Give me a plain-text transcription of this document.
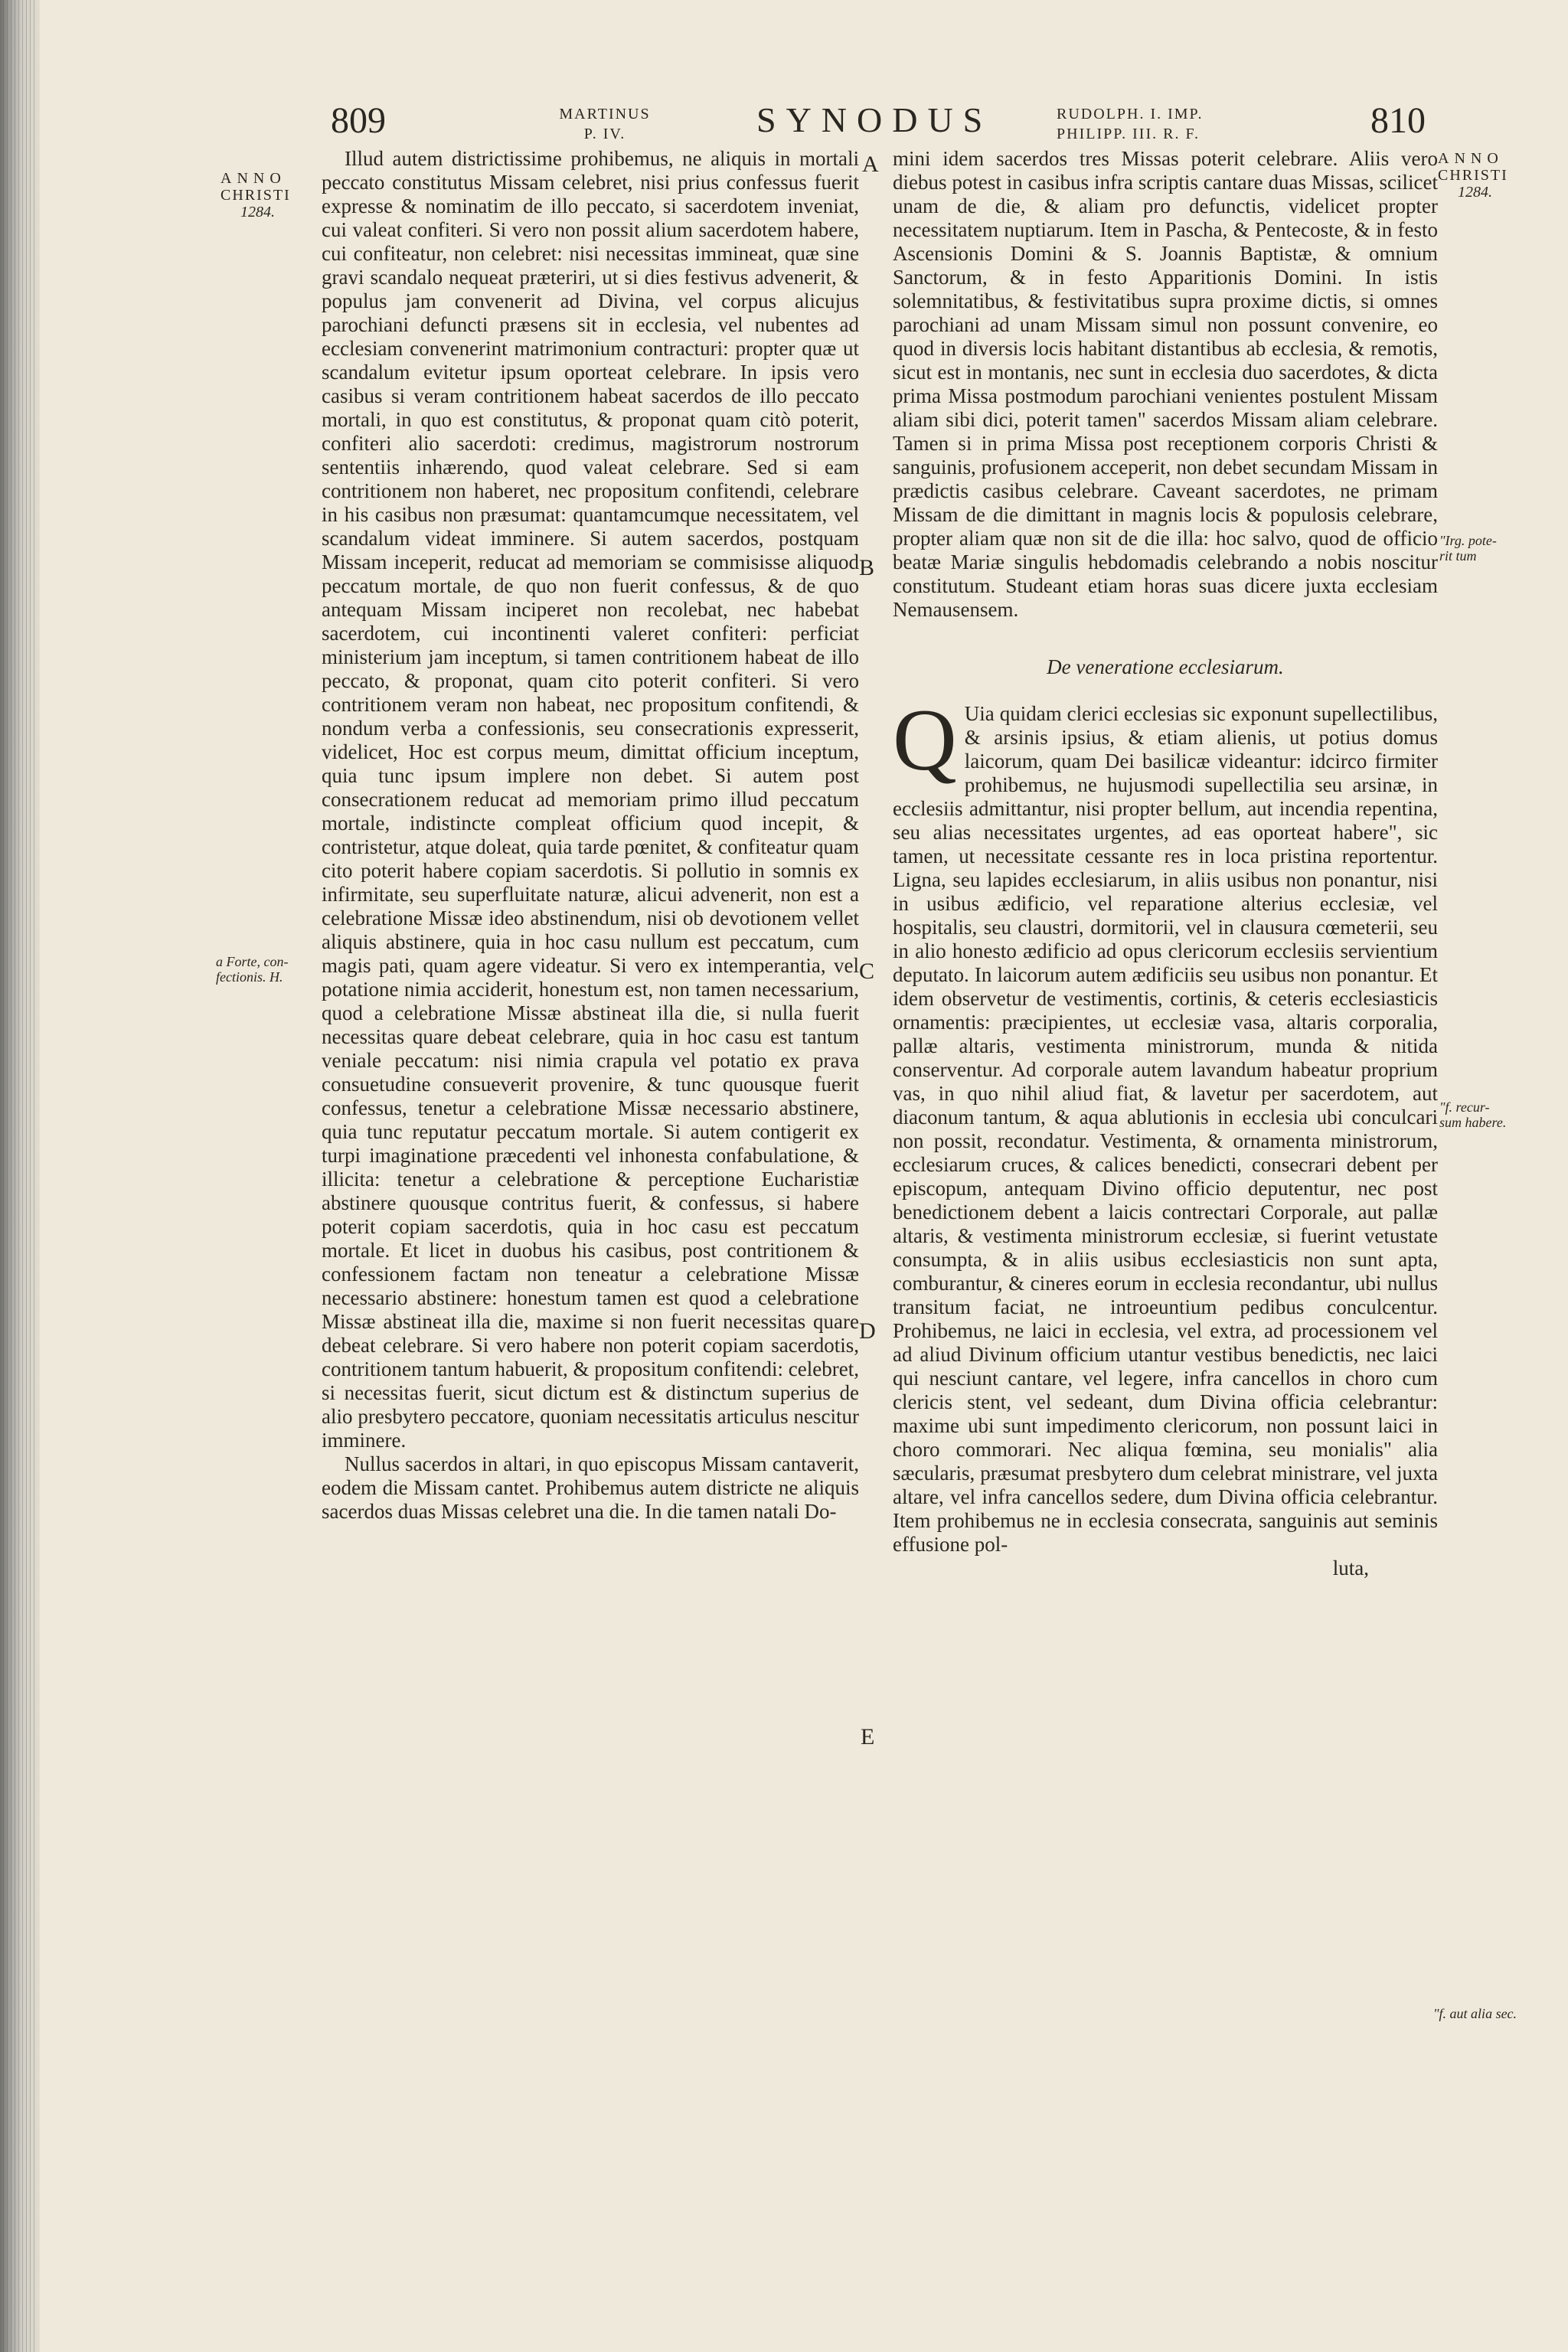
809	MARTINUS
P. IV.	SYNODUS	RUDOLPH. I. IMP.
PHILIPP. III. R. F.	810
ANNO
CHRISTI
1284.
a Forte, con-
fectionis. H.
A
B
C
D
E
ANNO
CHRISTI
1284.
"Irg. pote-
rit tum
"f. recur-
sum habere.
"f. aut alia sec.

Illud autem districtissime prohibemus, ne aliquis in mortali peccato constitutus Missam celebret, nisi prius confessus fuerit expresse & nominatim de illo peccato, si sacerdotem inveniat, cui valeat confiteri. Si vero non possit alium sacerdotem habere, cui confiteatur, non celebret: nisi necessitas immineat, quæ sine gravi scandalo nequeat præteriri, ut si dies festivus advenerit, & populus jam convenerit ad Divina, vel corpus alicujus parochiani defuncti præsens sit in ecclesia, vel nubentes ad ecclesiam convenerint matrimonium contracturi: propter quæ ut scandalum evitetur ipsum oporteat celebrare. In ipsis vero casibus si veram contritionem habeat sacerdos de illo peccato mortali, in quo est constitutus, & proponat quam citò poterit, confiteri alio sacerdoti: credimus, magistrorum nostrorum sententiis inhærendo, quod valeat celebrare. Sed si eam contritionem non haberet, nec propositum confitendi, celebrare in his casibus non præsumat: quantamcumque necessitatem, vel scandalum videat imminere. Si autem sacerdos, postquam Missam inceperit, reducat ad memoriam se commisisse aliquod peccatum mortale, de quo non fuerit confessus, & de quo antequam Missam inciperet non recolebat, nec habebat sacerdotem, cui incontinenti valeret confiteri: perficiat ministerium jam inceptum, si tamen contritionem habeat de illo peccato, & proponat, quam cito poterit confiteri. Si vero contritionem veram non habeat, nec propositum confitendi, & nondum verba a confessionis, seu consecrationis expresserit, videlicet, Hoc est corpus meum, dimittat officium inceptum, quia tunc ipsum implere non debet. Si autem post consecrationem reducat ad memoriam primo illud peccatum mortale, indistincte compleat officium quod incepit, & contristetur, atque doleat, quia tarde pœnitet, & confiteatur quam cito poterit habere copiam sacerdotis. Si pollutio in somnis ex infirmitate, seu superfluitate naturæ, alicui advenerit, non est a celebratione Missæ ideo abstinendum, nisi ob devotionem vellet aliquis abstinere, quia in hoc casu nullum est peccatum, cum magis pati, quam agere videatur. Si vero ex intemperantia, vel potatione nimia acciderit, honestum est, non tamen necessarium, quod a celebratione Missæ abstineat illa die, si nulla fuerit necessitas quare debeat celebrare, quia in hoc casu est tantum veniale peccatum: nisi nimia crapula vel potatio ex prava consuetudine consueverit provenire, & tunc quousque fuerit confessus, tenetur a celebratione Missæ necessario abstinere, quia tunc reputatur peccatum mortale. Si autem contigerit ex turpi imaginatione præcedenti vel inhonesta confabulatione, & illicita: tenetur a celebratione & perceptione Eucharistiæ abstinere quousque contritus fuerit, & confessus, si habere poterit copiam sacerdotis, quia in hoc casu est peccatum mortale. Et licet in duobus his casibus, post contritionem & confessionem factam non teneatur a celebratione Missæ necessario abstinere: honestum tamen est quod a celebratione Missæ abstineat illa die, maxime si non fuerit necessitas quare debeat celebrare. Si vero habere non poterit copiam sacerdotis, contritionem tantum habuerit, & propositum confitendi: celebret, si necessitas fuerit, sicut dictum est & distinctum superius de alio presbytero peccatore, quoniam necessitatis articulus nescitur imminere.

Nullus sacerdos in altari, in quo episcopus Missam cantaverit, eodem die Missam cantet. Prohibemus autem districte ne aliquis sacerdos duas Missas celebret una die. In die tamen natali Do-

mini idem sacerdos tres Missas poterit celebrare. Aliis vero diebus potest in casibus infra scriptis cantare duas Missas, scilicet unam de die, & aliam pro defunctis, videlicet propter necessitatem nuptiarum. Item in Pascha, & Pentecoste, & in festo Ascensionis Domini & S. Joannis Baptistæ, & omnium Sanctorum, & in festo Apparitionis Domini. In istis solemnitatibus, & festivitatibus supra proxime dictis, si omnes parochiani ad unam Missam simul non possunt convenire, eo quod in diversis locis habitant distantibus ab ecclesia, & remotis, sicut est in montanis, nec sunt in ecclesia duo sacerdotes, & dicta prima Missa postmodum parochiani venientes postulent Missam aliam sibi dici, poterit tamen" sacerdos Missam aliam celebrare. Tamen si in prima Missa post receptionem corporis Christi & sanguinis, profusionem acceperit, non debet secundam Missam in prædictis casibus celebrare. Caveant sacerdotes, ne primam Missam de die dimittant in magnis locis & populosis celebrare, propter aliam quæ non sit de die illa: hoc salvo, quod de officio beatæ Mariæ singulis hebdomadis celebrando a nobis noscitur constitutum. Studeant etiam horas suas dicere juxta ecclesiam Nemausensem.

De veneratione ecclesiarum.

Q Uia quidam clerici ecclesias sic exponunt supellectilibus, & arsinis ipsius, & etiam alienis, ut potius domus laicorum, quam Dei basilicæ videantur: idcirco firmiter prohibemus, ne hujusmodi supellectilia seu arsinæ, in ecclesiis admittantur, nisi propter bellum, aut incendia repentina, seu alias necessitates urgentes, ad eas oporteat habere", sic tamen, ut necessitate cessante res in loca pristina reportentur. Ligna, seu lapides ecclesiarum, in aliis usibus non ponantur, nisi in usibus ædificio, vel reparatione alterius ecclesiæ, vel hospitalis, seu claustri, dormitorii, vel in clausura cœmeterii, seu in alio honesto ædificio ad opus clericorum ecclesiis servientium deputato. In laicorum autem ædificiis seu usibus non ponantur. Et idem observetur de vestimentis, cortinis, & ceteris ecclesiasticis ornamentis: præcipientes, ut ecclesiæ vasa, altaris corporalia, pallæ altaris, vestimenta ministrorum, munda & nitida conserventur. Ad corporale autem lavandum habeatur proprium vas, in quo nihil aliud fiat, & lavetur per sacerdotem, aut diaconum tantum, & aqua ablutionis in ecclesia ubi conculcari non possit, recondatur. Vestimenta, & ornamenta ministrorum, ecclesiarum cruces, & calices benedicti, consecrari debent per episcopum, antequam Divino officio deputentur, nec post benedictionem debent a laicis contrectari Corporale, aut pallæ altaris, & vestimenta ministrorum ecclesiæ, si fuerint vetustate consumpta, & in aliis usibus ecclesiasticis non sunt apta, comburantur, & cineres eorum in ecclesia recondantur, ubi nullus transitum faciat, ne introeuntium pedibus conculcentur. Prohibemus, ne laici in ecclesia, vel extra, ad processionem vel ad aliud Divinum officium utantur vestibus benedictis, nec laici qui nesciunt cantare, vel legere, infra cancellos in choro cum clericis stent, vel sedeant, dum Divina officia celebrantur: maxime ubi sunt impedimento clericorum, non possunt laici in choro commorari. Nec aliqua fœmina, seu monialis" alia sæcularis, præsumat presbytero dum celebrat ministrare, vel juxta altare, vel infra cancellos sedere, dum Divina officia celebrantur. Item prohibemus ne in ecclesia consecrata, sanguinis aut seminis effusione pol-

luta,
